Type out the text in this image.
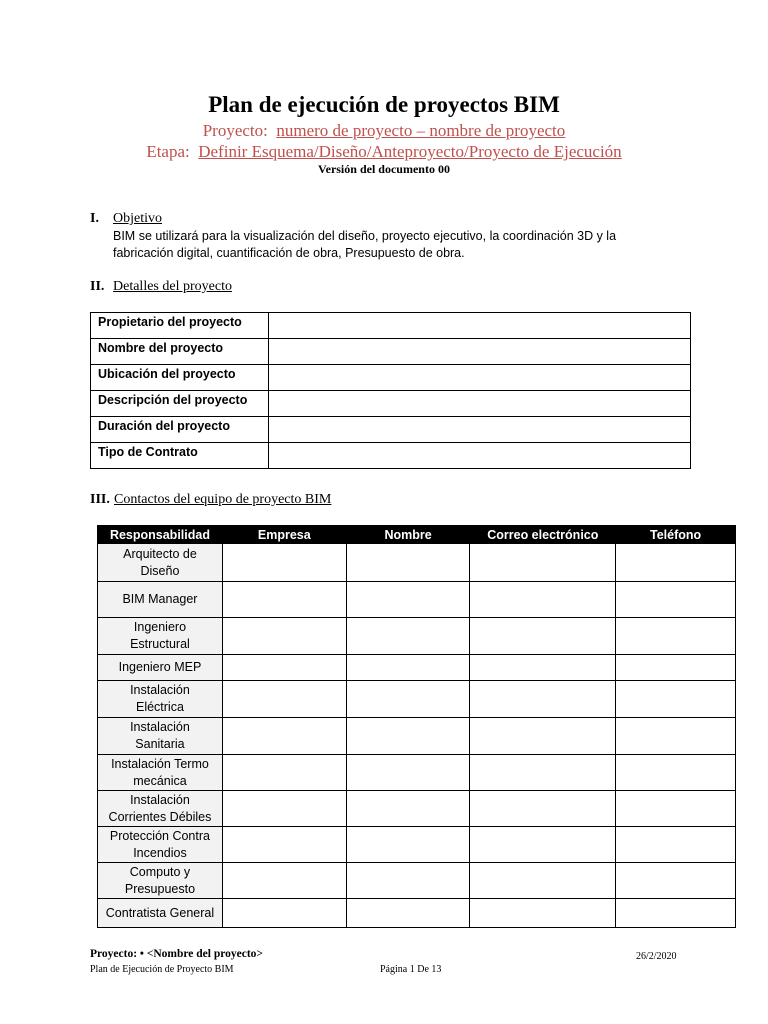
Plan de ejecución de proyectos BIM
Proyecto: numero de proyecto – nombre de proyecto
Etapa: Definir Esquema/Diseño/Anteproyecto/Proyecto de Ejecución
Versión del documento 00
I. Objetivo
BIM se utilizará para la visualización del diseño, proyecto ejecutivo, la coordinación 3D y la
fabricación digital, cuantificación de obra, Presupuesto de obra.
II. Detalles del proyecto
Propietario del proyecto	
Nombre del proyecto	
Ubicación del proyecto	
Descripción del proyecto	
Duración del proyecto	
Tipo de Contrato	
III. Contactos del equipo de proyecto BIM
Responsabilidad	Empresa	Nombre	Correo electrónico	Teléfono

Arquitecto de
Diseño				

BIM Manager				

Ingeniero
Estructural				

Ingeniero MEP				

Instalación
Eléctrica				

Instalación
Sanitaria				

Instalación Termo
mecánica				

Instalación
Corrientes Débiles				

Protección Contra
Incendios				

Computo y
Presupuesto				

Contratista General				

Proyecto: • <Nombre del proyecto>	26/2/2020
Plan de Ejecución de Proyecto BIM	Página 1 De 13
